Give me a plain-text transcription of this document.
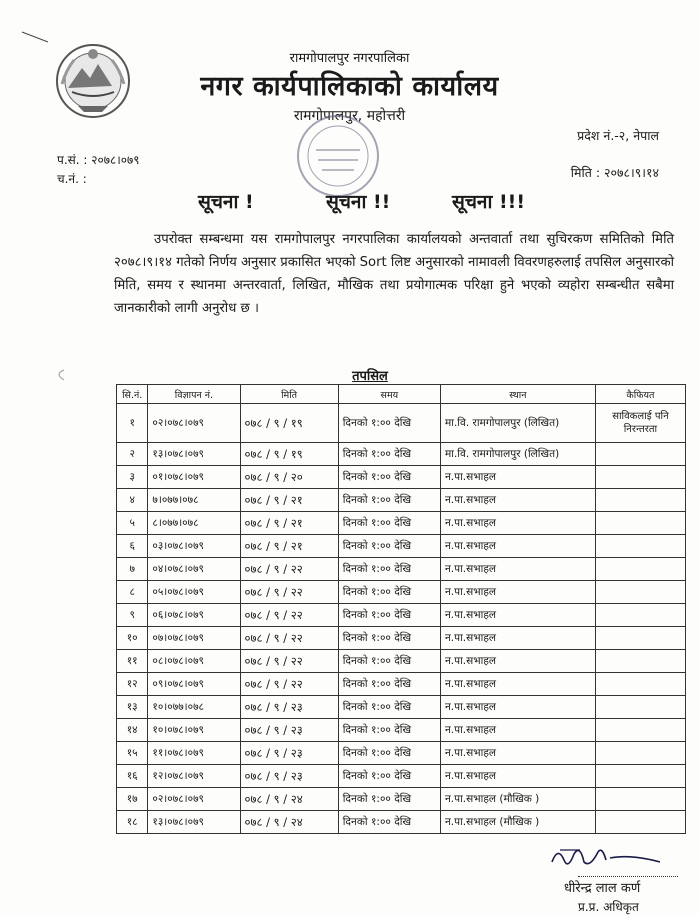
रामगोपालपुर नगरपालिका
नगर कार्यपालिकाको कार्यालय
रामगोपालपुर, महोत्तरी
प्रदेश नं.-२, नेपाल
प.सं. : २०७८।०७९
च.नं. :	मिति : २०७८।९।१४
सूचना !	सूचना !!	सूचना !!!

उपरोक्त सम्बन्धमा यस रामगोपालपुर नगरपालिका कार्यालयको अन्तवार्ता तथा सुचिरकण समितिको मिति २०७८।९।१४ गतेको निर्णय अनुसार प्रकासित भएको Sort लिष्ट अनुसारको नामावली विवरणहरुलाई तपसिल अनुसारको मिति, समय र स्थानमा अन्तरवार्ता, लिखित, मौखिक तथा प्रयोगात्मक परिक्षा हुने भएको व्यहोरा सम्बन्धीत सबैमा जानकारीको लागी अनुरोध छ ।

तपसिल
सि.नं.	विज्ञापन नं.	मिति	समय	स्थान	कैफियत
१	०२।०७८।०७९	०७८ / ९ / १९	दिनको १:०० देखि	मा.वि. रामगोपालपुर (लिखित)	साविकलाई पनि निरन्तरता
२	१३।०७८।०७९	०७८ / ९ / १९	दिनको १:०० देखि	मा.वि. रामगोपालपुर (लिखित)	
३	०१।०७८।०७९	०७८ / ९ / २०	दिनको १:०० देखि	न.पा.सभाहल	
४	७।०७७।०७८	०७८ / ९ / २१	दिनको १:०० देखि	न.पा.सभाहल	
५	८।०७७।०७८	०७८ / ९ / २१	दिनको १:०० देखि	न.पा.सभाहल	
६	०३।०७८।०७९	०७८ / ९ / २१	दिनको १:०० देखि	न.पा.सभाहल	
७	०४।०७८।०७९	०७८ / ९ / २२	दिनको १:०० देखि	न.पा.सभाहल	
८	०५।०७८।०७९	०७८ / ९ / २२	दिनको १:०० देखि	न.पा.सभाहल	
९	०६।०७८।०७९	०७८ / ९ / २२	दिनको १:०० देखि	न.पा.सभाहल	
१०	०७।०७८।०७९	०७८ / ९ / २२	दिनको १:०० देखि	न.पा.सभाहल	
११	०८।०७८।०७९	०७८ / ९ / २२	दिनको १:०० देखि	न.पा.सभाहल	
१२	०९।०७८।०७९	०७८ / ९ / २२	दिनको १:०० देखि	न.पा.सभाहल	
१३	१०।०७७।०७८	०७८ / ९ / २३	दिनको १:०० देखि	न.पा.सभाहल	
१४	१०।०७८।०७९	०७८ / ९ / २३	दिनको १:०० देखि	न.पा.सभाहल	
१५	११।०७८।०७९	०७८ / ९ / २३	दिनको १:०० देखि	न.पा.सभाहल	
१६	१२।०७८।०७९	०७८ / ९ / २३	दिनको १:०० देखि	न.पा.सभाहल	
१७	०२।०७८।०७९	०७८ / ९ / २४	दिनको १:०० देखि	न.पा.सभाहल (मौखिक )	
१८	१३।०७८।०७९	०७८ / ९ / २४	दिनको १:०० देखि	न.पा.सभाहल (मौखिक )	
धीरेन्द्र लाल कर्ण
प्र.प्र. अधिकृत
